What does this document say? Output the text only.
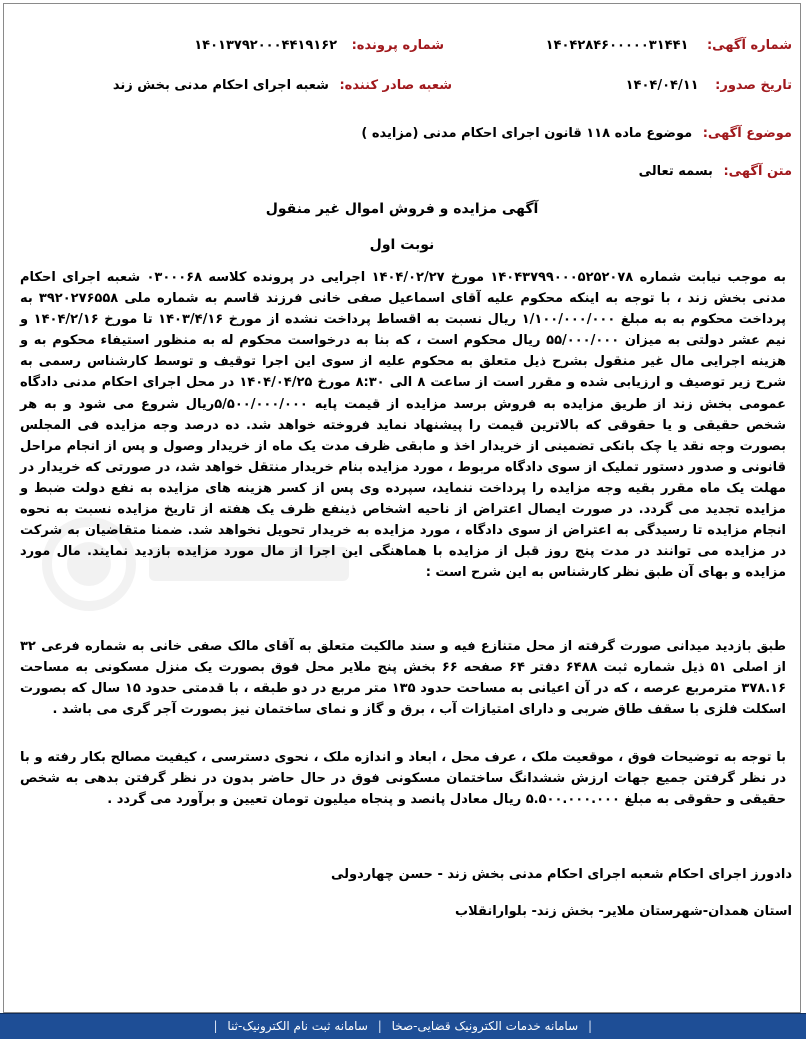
شماره آگهی: ۱۴۰۴۲۸۴۶۰۰۰۰۰۳۱۴۴۱
شماره پرونده: ۱۴۰۱۳۷۹۲۰۰۰۴۴۱۹۱۶۲
تاریخ صدور: ۱۴۰۴/۰۴/۱۱
شعبه صادر کننده: شعبه اجرای احکام مدنی بخش زند
موضوع آگهی: موضوع ماده ۱۱۸ قانون اجرای احکام مدنی (مزایده )
متن آگهی: بسمه تعالی
آگهی مزایده و فروش اموال غیر منقول
نوبت اول
به موجب نیابت شماره ۱۴۰۴۳۷۹۹۰۰۰۵۲۵۲۰۷۸ مورخ ۱۴۰۴/۰۲/۲۷ اجرایی در پرونده کلاسه ۰۳۰۰۰۶۸ شعبه اجرای احکام مدنی بخش زند ، با توجه به اینکه محکوم علیه آقای اسماعیل صفی خانی فرزند قاسم به شماره ملی ۳۹۲۰۲۷۶۵۵۸ به پرداخت محکوم به به مبلغ ۱/۱۰۰/۰۰۰/۰۰۰ ریال نسبت به اقساط پرداخت نشده از مورخ ۱۴۰۳/۴/۱۶ تا مورخ ۱۴۰۴/۲/۱۶ و نیم عشر دولتی به میزان ۵۵/۰۰۰/۰۰۰ ریال محکوم است ، که بنا به درخواست محکوم له به منظور استیفاء محکوم به و هزینه اجرایی مال غیر منقول بشرح ذیل متعلق به محکوم علیه از سوی این اجرا توقیف و توسط کارشناس رسمی به شرح زیر توصیف و ارزیابی شده و مقرر است از ساعت ۸ الی ۸:۳۰ مورخ ۱۴۰۴/۰۴/۲۵ در محل اجرای احکام مدنی دادگاه عمومی بخش زند از طریق مزایده به فروش برسد مزایده از قیمت پایه ۵/۵۰۰/۰۰۰/۰۰۰ریال شروع می شود و به هر شخص حقیقی و یا حقوقی که بالاترین قیمت را پیشنهاد نماید فروخته خواهد شد. ده درصد وجه مزایده فی المجلس بصورت وجه نقد یا چک بانکی تضمینی از خریدار اخذ و مابقی ظرف مدت یک ماه از خریدار وصول و پس از انجام مراحل قانونی و صدور دستور تملیک از سوی دادگاه مربوط ، مورد مزایده بنام خریدار منتقل خواهد شد، در صورتی که خریدار در مهلت یک ماه مقرر بقیه وجه مزایده را پرداخت ننماید، سپرده وی پس از کسر هزینه های مزایده به نفع دولت ضبط و مزایده تجدید می گردد. در صورت ایصال اعتراض از ناحیه اشخاص ذینفع ظرف یک هفته از تاریخ مزایده نسبت به نحوه انجام مزایده تا رسیدگی به اعتراض از سوی دادگاه ، مورد مزایده به خریدار تحویل نخواهد شد. ضمنا متقاضیان به شرکت در مزایده می توانند در مدت پنج روز قبل از مزایده با هماهنگی این اجرا از مال مورد مزایده بازدید نمایند. مال مورد مزایده و بهای آن طبق نظر کارشناس به این شرح است :
طبق بازدید میدانی صورت گرفته از محل متنازع فیه و سند مالکیت متعلق به آقای مالک صفی خانی به شماره فرعی ۳۲ از اصلی ۵۱ ذیل شماره ثبت ۶۴۸۸ دفتر ۶۴ صفحه ۶۶ بخش پنج ملایر محل فوق بصورت یک منزل مسکونی به مساحت ۳۷۸.۱۶ مترمربع عرصه ، که در آن اعیانی به مساحت حدود ۱۳۵ متر مربع در دو طبقه ، با قدمتی حدود ۱۵ سال که بصورت اسکلت فلزی با سقف طاق ضربی و دارای امتیازات آب ، برق و گاز و نمای ساختمان نیز بصورت آجر گری می باشد .
با توجه به توضیحات فوق ، موقعیت ملک ، عرف محل ، ابعاد و اندازه ملک ، نحوی دسترسی ، کیفیت مصالح بکار رفته و با در نظر گرفتن جمیع جهات ارزش ششدانگ ساختمان مسکونی فوق در حال حاضر بدون در نظر گرفتن بدهی به شخص حقیقی و حقوقی به مبلغ ۵.۵۰۰.۰۰۰.۰۰۰ ریال معادل پانصد و پنجاه میلیون تومان تعیین و برآورد می گردد .
دادورز اجرای احکام شعبه اجرای احکام مدنی بخش زند - حسن چهاردولی
استان همدان-شهرستان ملایر- بخش زند- بلوارانقلاب
| سامانه خدمات الکترونیک قضایی-صخا | سامانه ثبت نام الکترونیک-ثنا |
